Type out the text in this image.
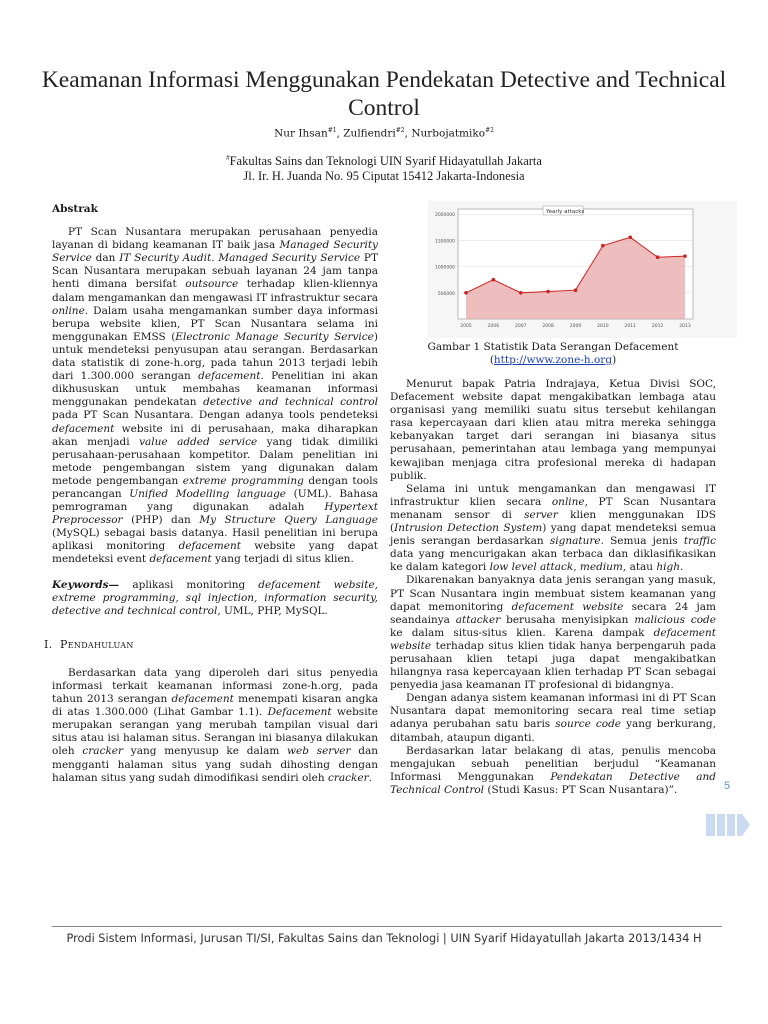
Keamanan Informasi Menggunakan Pendekatan Detective and Technical Control
Nur Ihsan$^{\#1}$, Zulfiendri$^{\#2}$, Nurbojatmiko$^{\#2}$
#Fakultas Sains dan Teknologi UIN Syarif Hidayatullah Jakarta
Jl. Ir. H. Juanda No. 95 Ciputat 15412 Jakarta-Indonesia

Abstrak

PT Scan Nusantara merupakan perusahaan penyedia layanan di bidang keamanan IT baik jasa Managed Security Service dan IT Security Audit. Managed Security Service PT Scan Nusantara merupakan sebuah layanan 24 jam tanpa henti dimana bersifat outsource terhadap klien-kliennya dalam mengamankan dan mengawasi IT infrastruktur secara online. Dalam usaha mengamankan sumber daya informasi berupa website klien, PT Scan Nusantara selama ini menggunakan EMSS (Electronic Manage Security Service) untuk mendeteksi penyusupan atau serangan. Berdasarkan data statistik di zone-h.org, pada tahun 2013 terjadi lebih dari 1.300.000 serangan defacement. Penelitian ini akan dikhususkan untuk membahas keamanan informasi menggunakan pendekatan detective and technical control pada PT Scan Nusantara. Dengan adanya tools pendeteksi defacement website ini di perusahaan, maka diharapkan akan menjadi value added service yang tidak dimiliki perusahaan-perusahaan kompetitor. Dalam penelitian ini metode pengembangan sistem yang digunakan dalam metode pengembangan extreme programming dengan tools perancangan Unified Modelling language (UML). Bahasa pemrograman yang digunakan adalah Hypertext Preprocessor (PHP) dan My Structure Query Language (MySQL) sebagai basis datanya. Hasil penelitian ini berupa aplikasi monitoring defacement website yang dapat mendeteksi event defacement yang terjadi di situs klien.

Keywords— aplikasi monitoring defacement website, extreme programming, sql injection, information security, detective and technical control, UML, PHP, MySQL.

I. Pendahuluan

Berdasarkan data yang diperoleh dari situs penyedia informasi terkait keamanan informasi zone-h.org, pada tahun 2013 serangan defacement menempati kisaran angka di atas 1.300.000 (Lihat Gambar 1.1). Defacement website merupakan serangan yang merubah tampilan visual dari situs atau isi halaman situs. Serangan ini biasanya dilakukan oleh cracker yang menyusup ke dalam web server dan mengganti halaman situs yang sudah dihosting dengan halaman situs yang sudah dimodifikasi sendiri oleh cracker.

2000000
1500000
1000000
500000
2005	2006	2007	2008	2009	2010	2011	2012	2013
Yearly attacks
Gambar 1 Statistik Data Serangan Defacement
(http://www.zone-h.org)

Menurut bapak Patria Indrajaya, Ketua Divisi SOC, Defacement website dapat mengakibatkan lembaga atau organisasi yang memiliki suatu situs tersebut kehilangan rasa kepercayaan dari klien atau mitra mereka sehingga kebanyakan target dari serangan ini biasanya situs perusahaan, pemerintahan atau lembaga yang mempunyai kewajiban menjaga citra profesional mereka di hadapan publik.

Selama ini untuk mengamankan dan mengawasi IT infrastruktur klien secara online, PT Scan Nusantara menanam sensor di server klien menggunakan IDS (Intrusion Detection System) yang dapat mendeteksi semua jenis serangan berdasarkan signature. Semua jenis traffic data yang mencurigakan akan terbaca dan diklasifikasikan ke dalam kategori low level attack, medium, atau high.

Dikarenakan banyaknya data jenis serangan yang masuk, PT Scan Nusantara ingin membuat sistem keamanan yang dapat memonitoring defacement website secara 24 jam seandainya attacker berusaha menyisipkan malicious code ke dalam situs-situs klien. Karena dampak defacement website terhadap situs klien tidak hanya berpengaruh pada perusahaan klien tetapi juga dapat mengakibatkan hilangnya rasa kepercayaan klien terhadap PT Scan sebagai penyedia jasa keamanan IT profesional di bidangnya.

Dengan adanya sistem keamanan informasi ini di PT Scan Nusantara dapat memonitoring secara real time setiap adanya perubahan satu baris source code yang berkurang, ditambah, ataupun diganti.

Berdasarkan latar belakang di atas, penulis mencoba mengajukan sebuah penelitian berjudul “Keamanan Informasi Menggunakan Pendekatan Detective and Technical Control (Studi Kasus: PT Scan Nusantara)”.	5
Prodi Sistem Informasi, Jurusan TI/SI, Fakultas Sains dan Teknologi | UIN Syarif Hidayatullah Jakarta 2013/1434 H
